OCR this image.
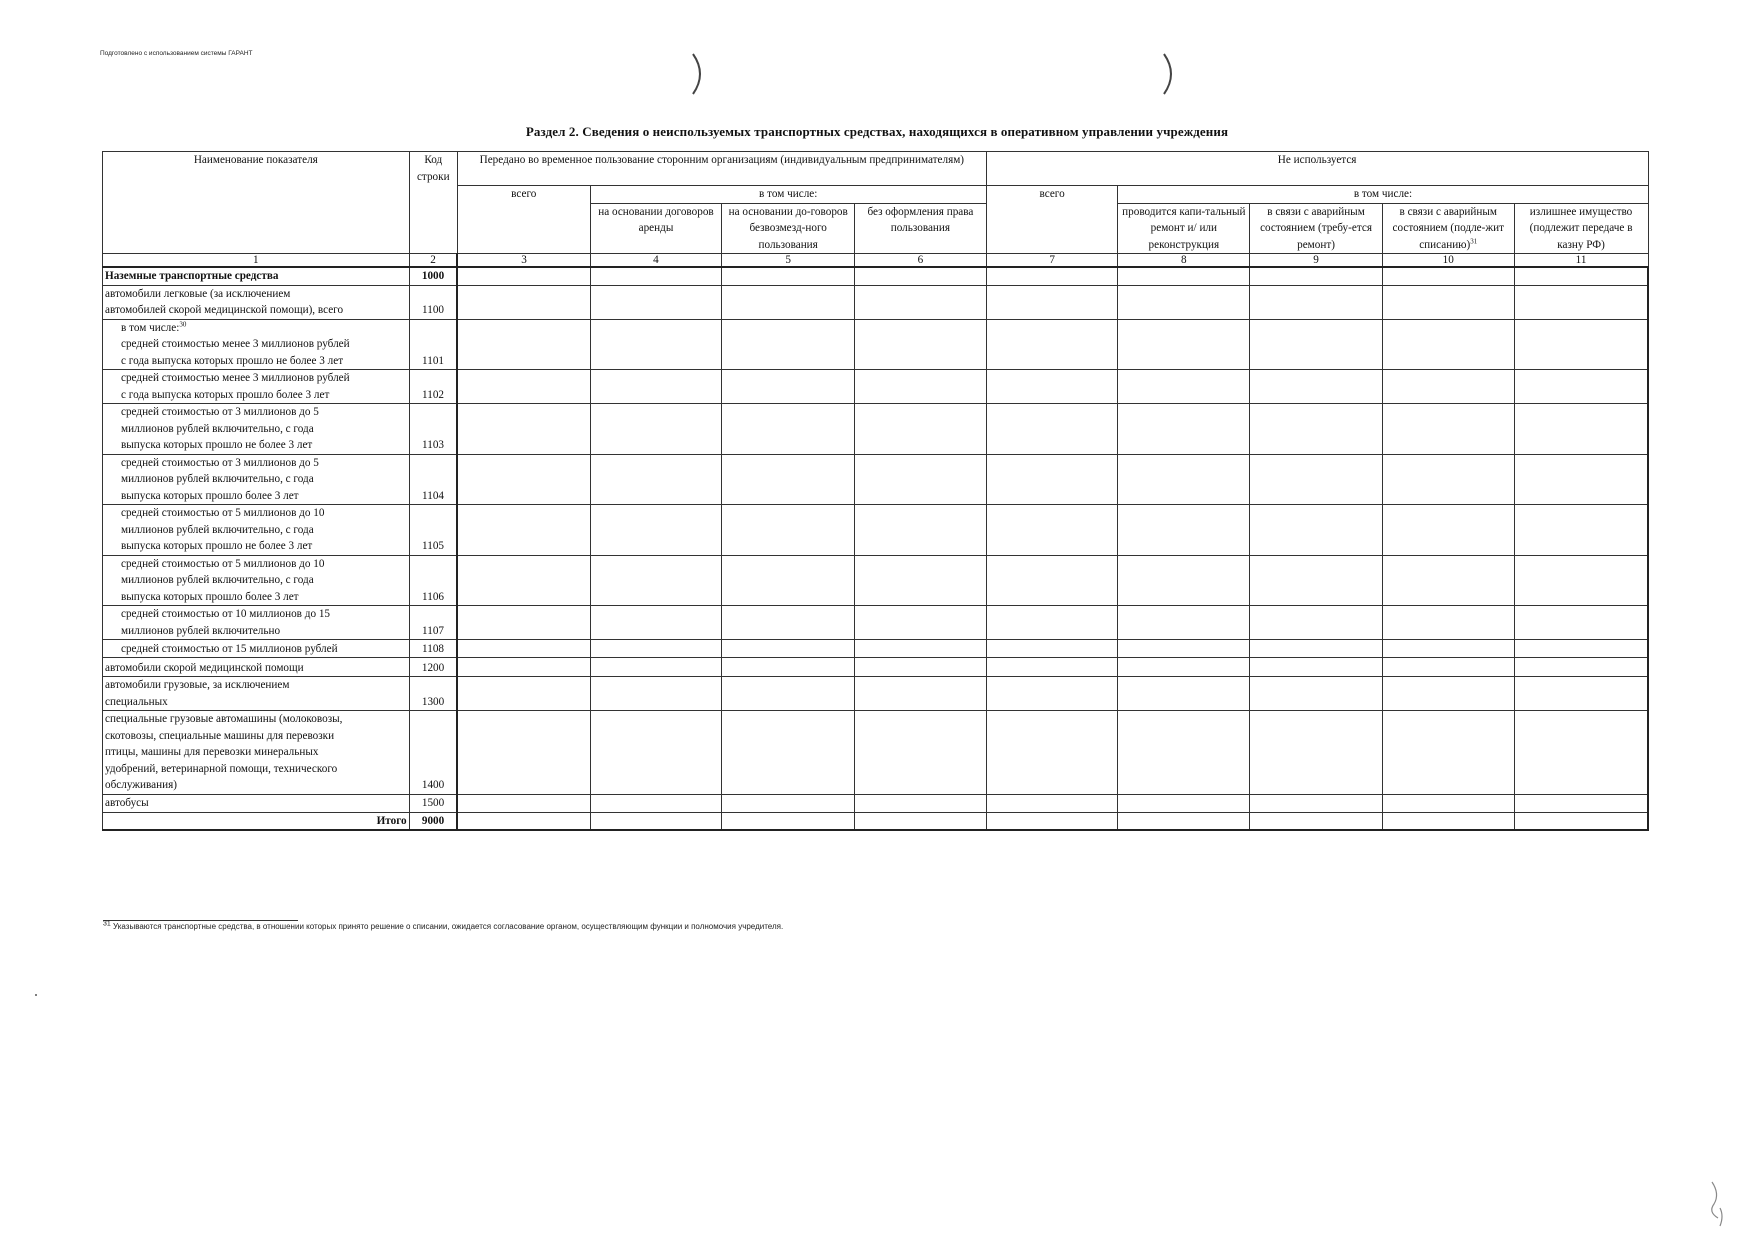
Подготовлено с использованием системы ГАРАНТ
Раздел 2. Сведения о неиспользуемых транспортных средствах, находящихся в оперативном управлении учреждения
Наименование показателя	Код строки	Передано во временное пользование сторонним организациям (индивидуальным предпринимателям)				Не используется				
		всего	в том числе:			всего	в том числе:			
			на основании договоров аренды	на основании до-говоров безвозмезд-ного пользования	без оформления права пользования		проводится капи-тальный ремонт и/ или реконструкция	в связи с аварийным состоянием (требу-ется ремонт)	в связи с аварийным состоянием (подле-жит списанию)$^{31}$	излишнее имущество (подлежит передаче в казну РФ)
1	2	3	4	5	6	7	8	9	10	11
Наземные транспортные средства	1000									
автомобили легковые (за исключением
автомобилей скорой медицинской помощи), всего	1100									
в том числе:$^{30}$
средней стоимостью менее 3 миллионов рублей
с года выпуска которых прошло не более 3 лет	1101									
средней стоимостью менее 3 миллионов рублей
с года выпуска которых прошло более 3 лет	1102									
средней стоимостью от 3 миллионов до 5
миллионов рублей включительно, с года
выпуска которых прошло не более 3 лет	1103									
средней стоимостью от 3 миллионов до 5
миллионов рублей включительно, с года
выпуска которых прошло более 3 лет	1104									
средней стоимостью от 5 миллионов до 10
миллионов рублей включительно, с года
выпуска которых прошло не более 3 лет	1105									
средней стоимостью от 5 миллионов до 10
миллионов рублей включительно, с года
выпуска которых прошло более 3 лет	1106									
средней стоимостью от 10 миллионов до 15
миллионов рублей включительно	1107									
средней стоимостью от 15 миллионов рублей	1108									
автомобили скорой медицинской помощи	1200									
автомобили грузовые, за исключением
специальных	1300									
специальные грузовые автомашины (молоковозы,
скотовозы, специальные машины для перевозки
птицы, машины для перевозки минеральных
удобрений, ветеринарной помощи, технического
обслуживания)	1400									
автобусы	1500									
Итого	9000									
$^{31}$ Указываются транспортные средства, в отношении которых принято решение о списании, ожидается согласование органом, осуществляющим функции и полномочия учредителя.
